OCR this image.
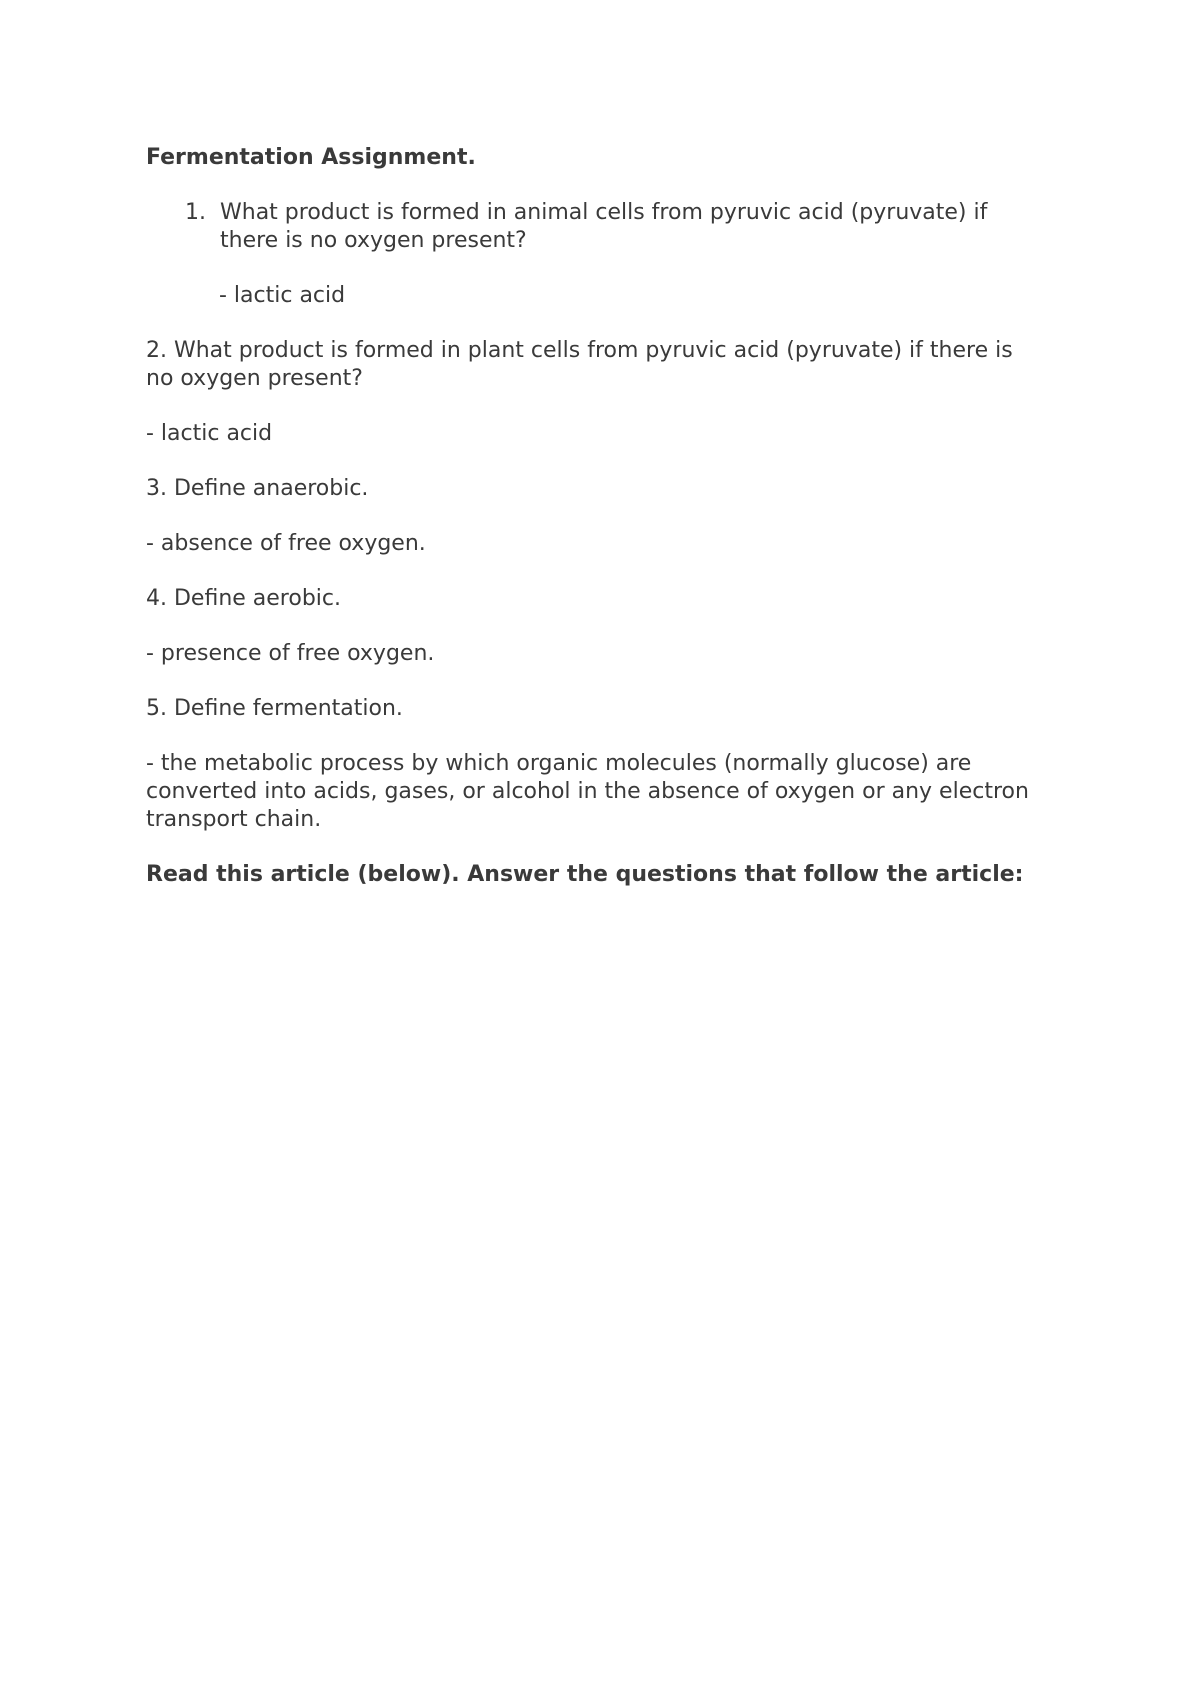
Fermentation Assignment.
1. What product is formed in animal cells from pyruvic acid (pyruvate) if there is no oxygen present?
- lactic acid

2. What product is formed in plant cells from pyruvic acid (pyruvate) if there is no oxygen present?

- lactic acid

3. Define anaerobic.

- absence of free oxygen.

4. Define aerobic.

- presence of free oxygen.

5. Define fermentation.

- the metabolic process by which organic molecules (normally glucose) are converted into acids, gases, or alcohol in the absence of oxygen or any electron transport chain.

Read this article (below). Answer the questions that follow the article:
